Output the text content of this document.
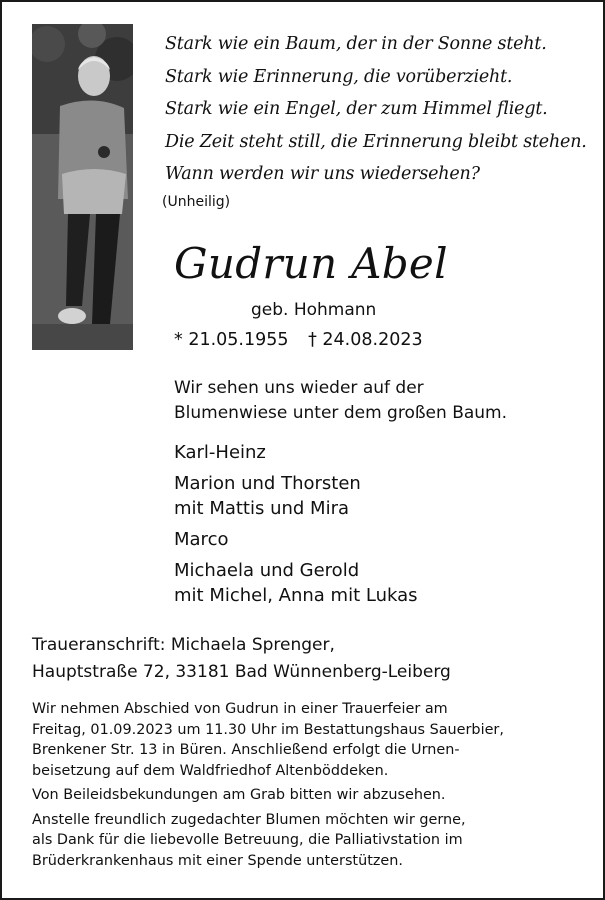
Stark wie ein Baum, der in der Sonne steht.
Stark wie Erinnerung, die vorüberzieht.
Stark wie ein Engel, der zum Himmel fliegt.
Die Zeit steht still, die Erinnerung bleibt stehen.
Wann werden wir uns wiedersehen?
(Unheilig)
Gudrun Abel
geb. Hohmann
* 21.05.1955 † 24.08.2023
Wir sehen uns wieder auf der
Blumenwiese unter dem großen Baum.
Karl-Heinz
Marion und Thorsten
mit Mattis und Mira
Marco
Michaela und Gerold
mit Michel, Anna mit Lukas
Traueranschrift: Michaela Sprenger,
Hauptstraße 72, 33181 Bad Wünnenberg-Leiberg
Wir nehmen Abschied von Gudrun in einer Trauerfeier am
Freitag, 01.09.2023 um 11.30 Uhr im Bestattungshaus Sauerbier,
Brenkener Str. 13 in Büren. Anschließend erfolgt die Urnen-
beisetzung auf dem Waldfriedhof Altenböddeken.
Von Beileidsbekundungen am Grab bitten wir abzusehen.
Anstelle freundlich zugedachter Blumen möchten wir gerne,
als Dank für die liebevolle Betreuung, die Palliativstation im
Brüderkrankenhaus mit einer Spende unterstützen.
